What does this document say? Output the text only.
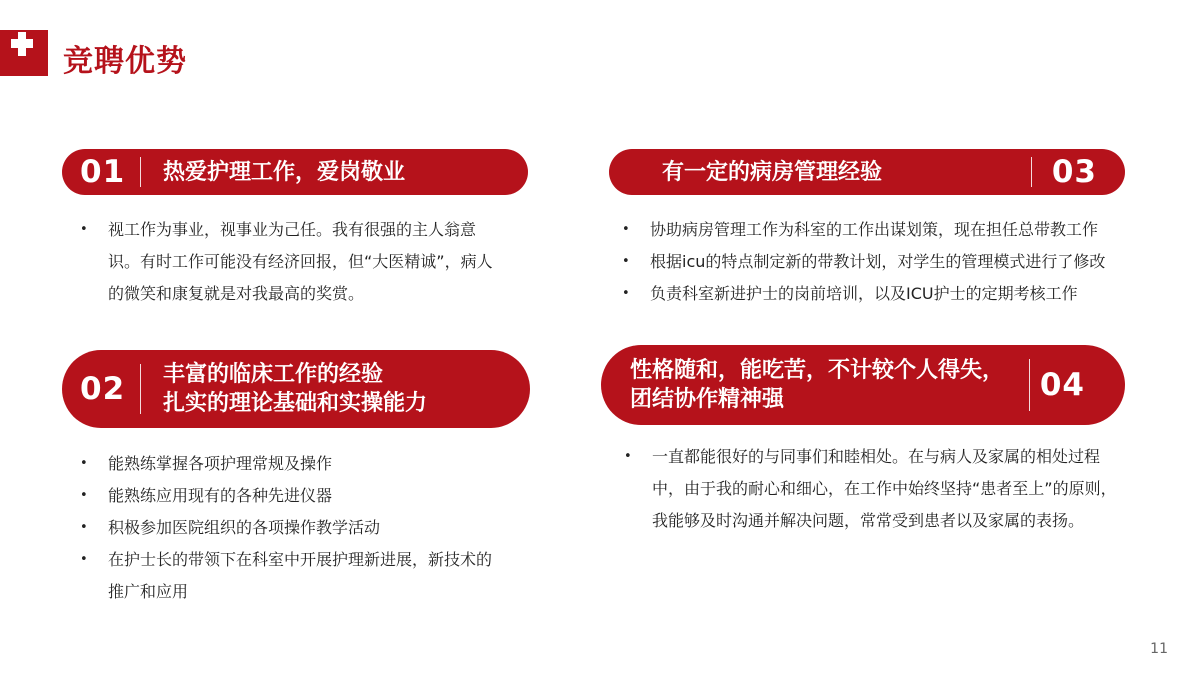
竞聘优势
01 热爱护理工作，爱岗敬业
• 视工作为事业，视事业为己任。我有很强的主人翁意识。有时工作可能没有经济回报，但“大医精诚”，病人的微笑和康复就是对我最高的奖赏。
02 丰富的临床工作的经验
扎实的理论基础和实操能力
• 能熟练掌握各项护理常规及操作
• 能熟练应用现有的各种先进仪器
• 积极参加医院组织的各项操作教学活动
• 在护士长的带领下在科室中开展护理新进展，新技术的推广和应用
有一定的病房管理经验	03
• 协助病房管理工作为科室的工作出谋划策，现在担任总带教工作
• 根据icu的特点制定新的带教计划，对学生的管理模式进行了修改
• 负责科室新进护士的岗前培训，以及ICU护士的定期考核工作
性格随和，能吃苦，不计较个人得失，
团结协作精神强	04
• 一直都能很好的与同事们和睦相处。在与病人及家属的相处过程中，由于我的耐心和细心，在工作中始终坚持“患者至上”的原则，我能够及时沟通并解决问题，常常受到患者以及家属的表扬。
11
